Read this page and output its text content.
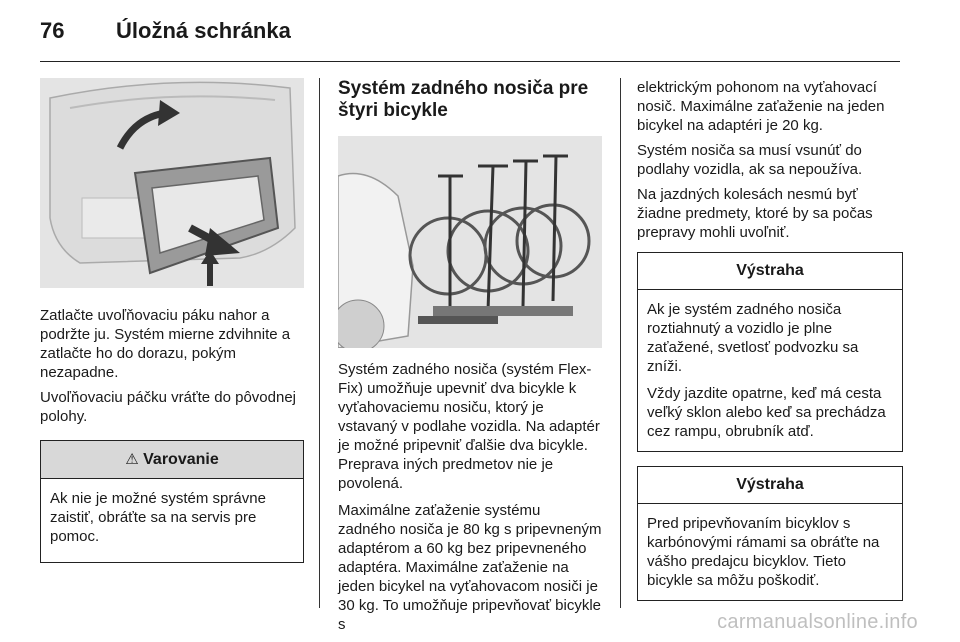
76	Úložná schránka

Zatlačte uvoľňovaciu páku nahor a podržte ju. Systém mierne zdvihnite a zatlačte ho do dorazu, pokým nezapadne.

Uvoľňovaciu páčku vráťte do pôvodnej polohy.

⚠ Varovanie

Ak nie je možné systém správne zaistiť, obráťte sa na servis pre pomoc.

Systém zadného nosiča pre štyri bicykle

Systém zadného nosiča (systém Flex-Fix) umožňuje upevniť dva bicykle k vyťahovaciemu nosiču, ktorý je vstavaný v podlahe vozidla. Na adaptér je možné pripevniť ďalšie dva bicykle. Preprava iných predmetov nie je povolená.

Maximálne zaťaženie systému zadného nosiča je 80 kg s pripevneným adaptérom a 60 kg bez pripevneného adaptéra. Maximálne zaťaženie na jeden bicykel na vyťahovacom nosiči je 30 kg. To umožňuje pripevňovať bicykle s

elektrickým pohonom na vyťahovací nosič. Maximálne zaťaženie na jeden bicykel na adaptéri je 20 kg.

Systém nosiča sa musí vsunúť do podlahy vozidla, ak sa nepoužíva.

Na jazdných kolesách nesmú byť žiadne predmety, ktoré by sa počas prepravy mohli uvoľniť.

Výstraha

Ak je systém zadného nosiča roztiahnutý a vozidlo je plne zaťažené, svetlosť podvozku sa zníži.

Vždy jazdite opatrne, keď má cesta veľký sklon alebo keď sa prechádza cez rampu, obrubník atď.

Výstraha

Pred pripevňovaním bicyklov s karbónovými rámami sa obráťte na vášho predajcu bicyklov. Tieto bicykle sa môžu poškodiť.

carmanualsonline.info
